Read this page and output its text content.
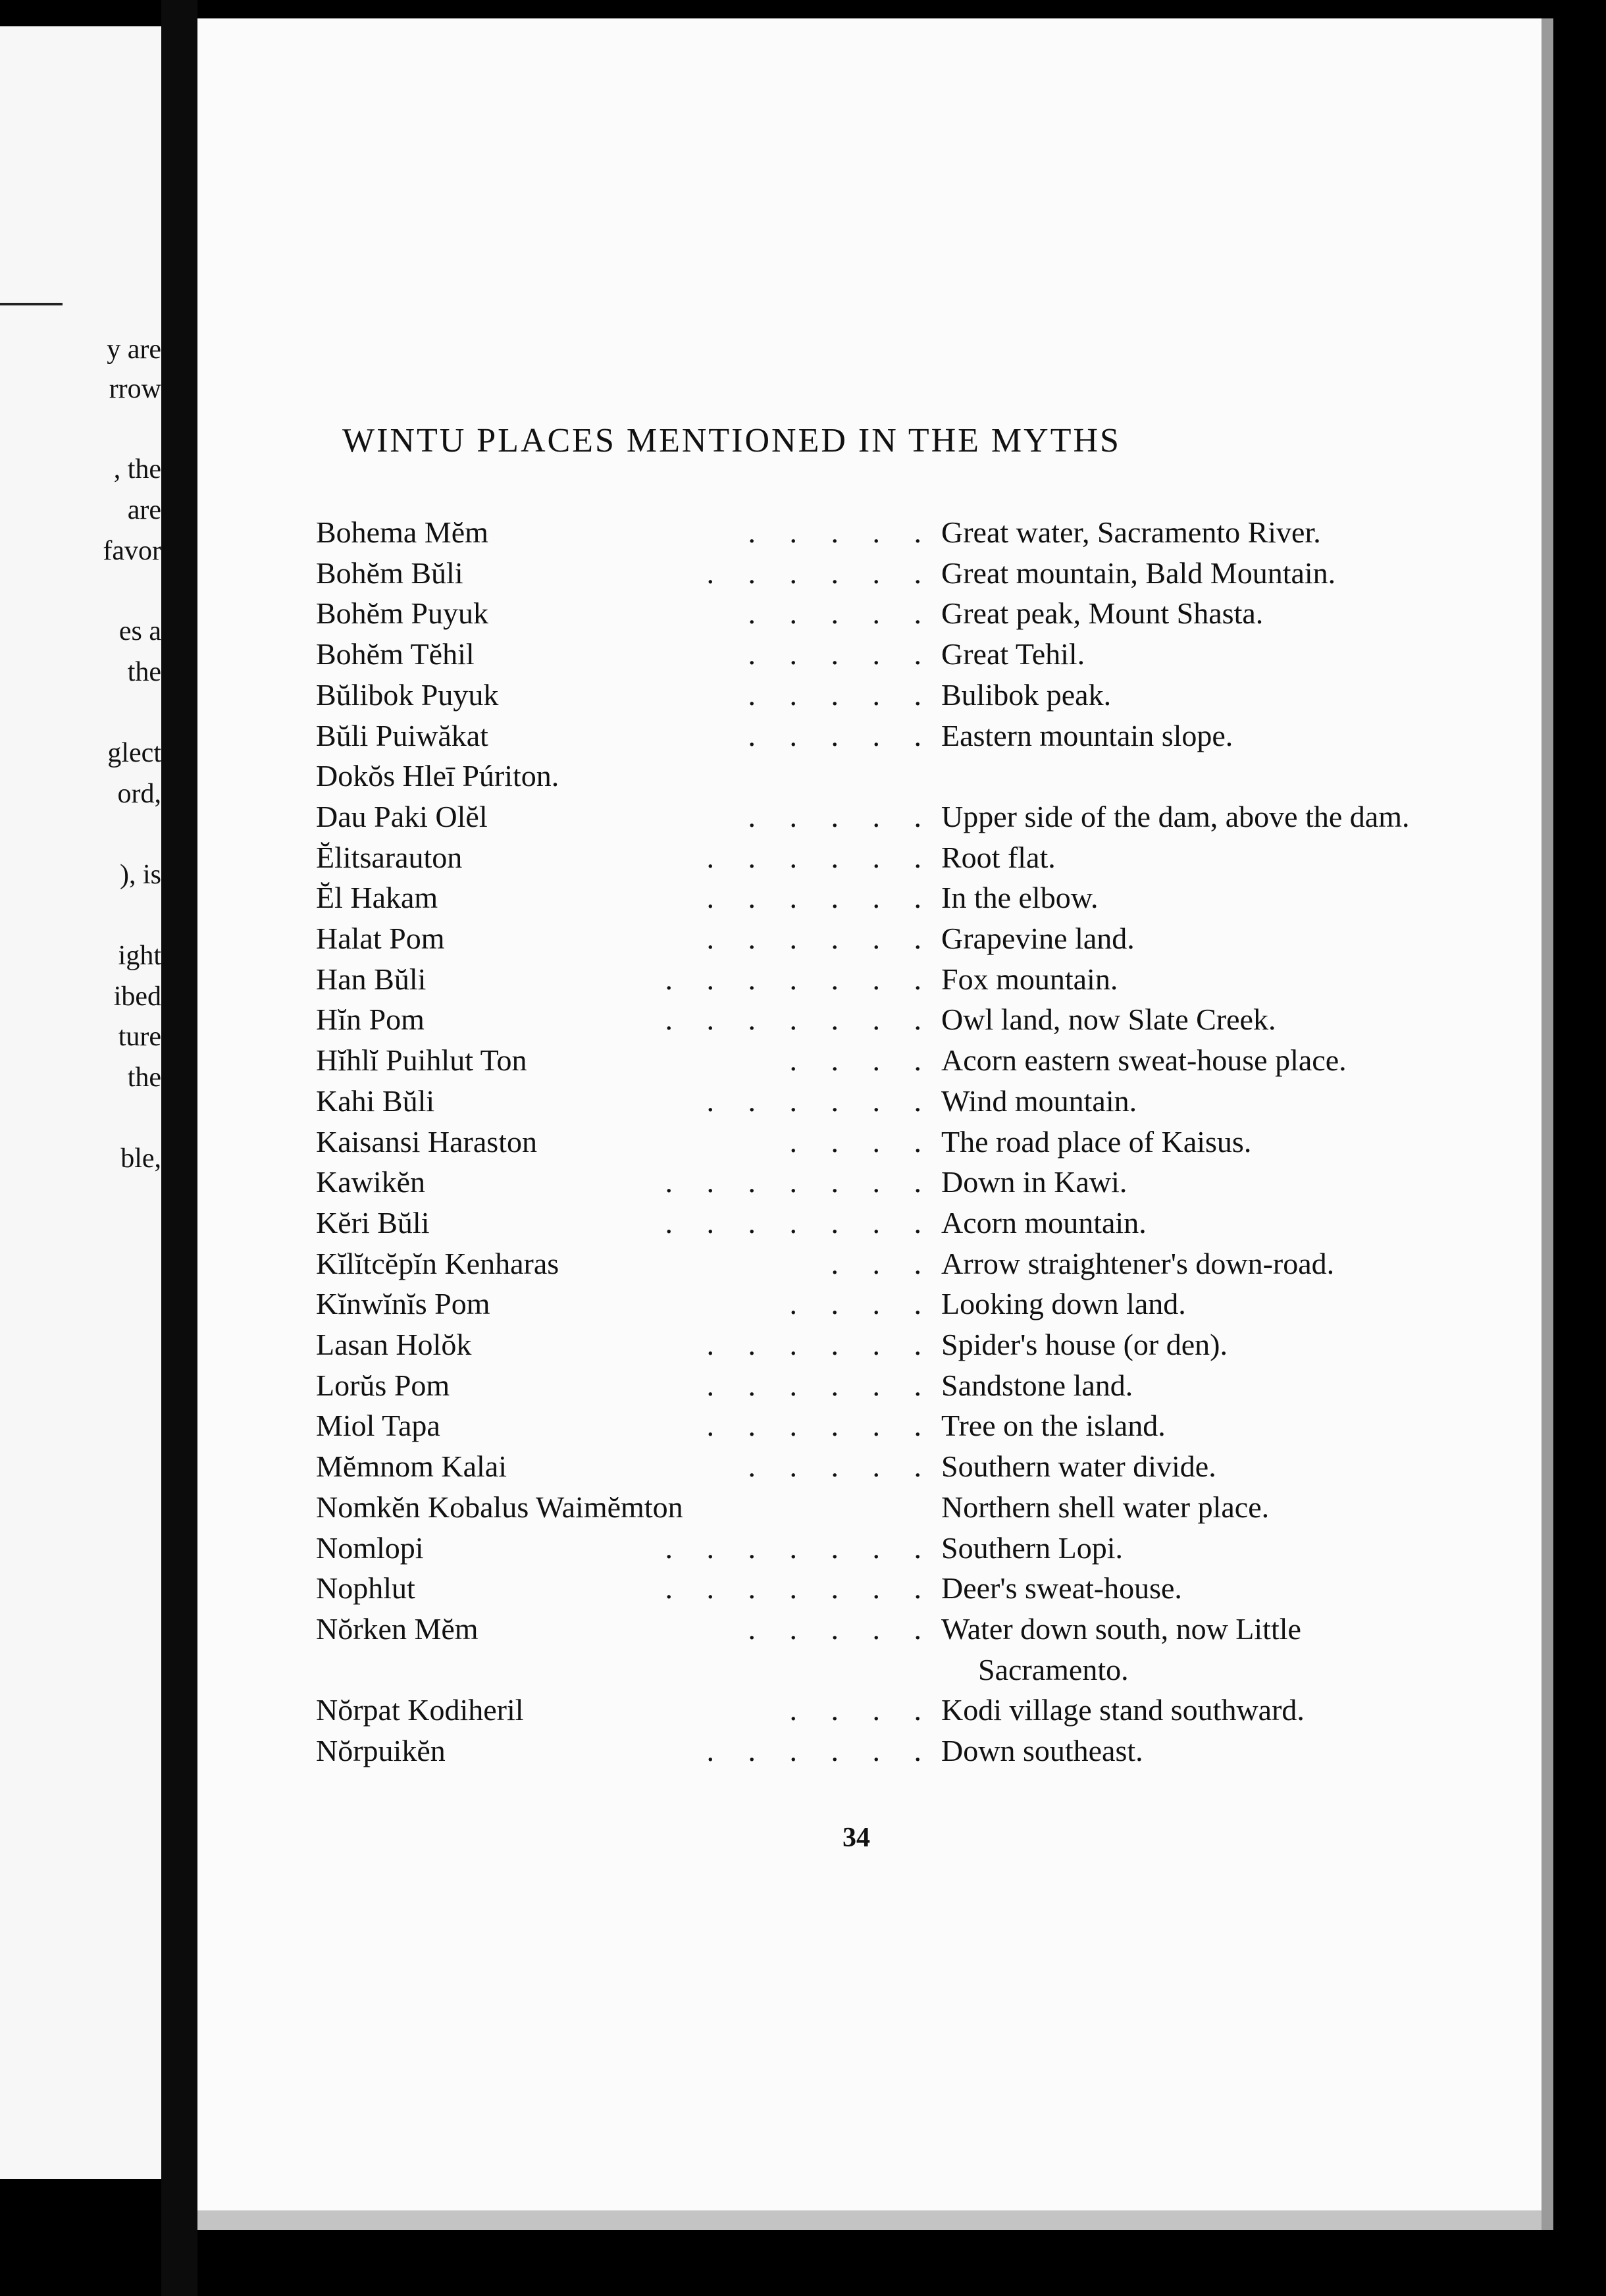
y are
rrow
, the
are
favor
es a
the
glect
ord,
), is
ight
ibed
ture
the
ble,
WINTU PLACES MENTIONED IN THE MYTHS
Bohema Mĕm	. . . . . Great water, Sacramento River.
Bohĕm Bŭli	. . . . . . Great mountain, Bald Mountain.
Bohĕm Puyuk	. . . . . Great peak, Mount Shasta.
Bohĕm Tĕhil	. . . . . Great Tehil.
Bŭlibok Puyuk	. . . . . Bulibok peak.
Bŭli Puiwăkat	. . . . . Eastern mountain slope.
Dokŏs Hleī Púriton.
Dau Paki Olĕl	. . . . . Upper side of the dam, above the dam.
Ĕlitsarauton	. . . . . . Root flat.
Ĕl Hakam	. . . . . . In the elbow.
Halat Pom	. . . . . . Grapevine land.
Han Bŭli	. . . . . . . Fox mountain.
Hĭn Pom	. . . . . . . Owl land, now Slate Creek.
Hĭhlĭ Puihlut Ton	. . . . Acorn eastern sweat-house place.
Kahi Bŭli	. . . . . . Wind mountain.
Kaisansi Haraston	. . . . The road place of Kaisus.
Kawikĕn	. . . . . . . Down in Kawi.
Kĕri Bŭli	. . . . . . . Acorn mountain.
Kĭlĭtcĕpĭn Kenharas	. . . Arrow straightener's down-road.
Kĭnwĭnĭs Pom	. . . . Looking down land.
Lasan Holŏk	. . . . . . Spider's house (or den).
Lorŭs Pom	. . . . . . Sandstone land.
Miol Tapa	. . . . . . Tree on the island.
Mĕmnom Kalai	. . . . . Southern water divide.
Nomkĕn Kobalus Waimĕmton	Northern shell water place.
Nomlopi	. . . . . . . Southern Lopi.
Nophlut	. . . . . . . Deer's sweat-house.
Nŏrken Mĕm	. . . . . Water down south, now Little Sacramento.
Nŏrpat Kodiheril	. . . . Kodi village stand southward.
Nŏrpuikĕn	. . . . . . Down southeast.
34
